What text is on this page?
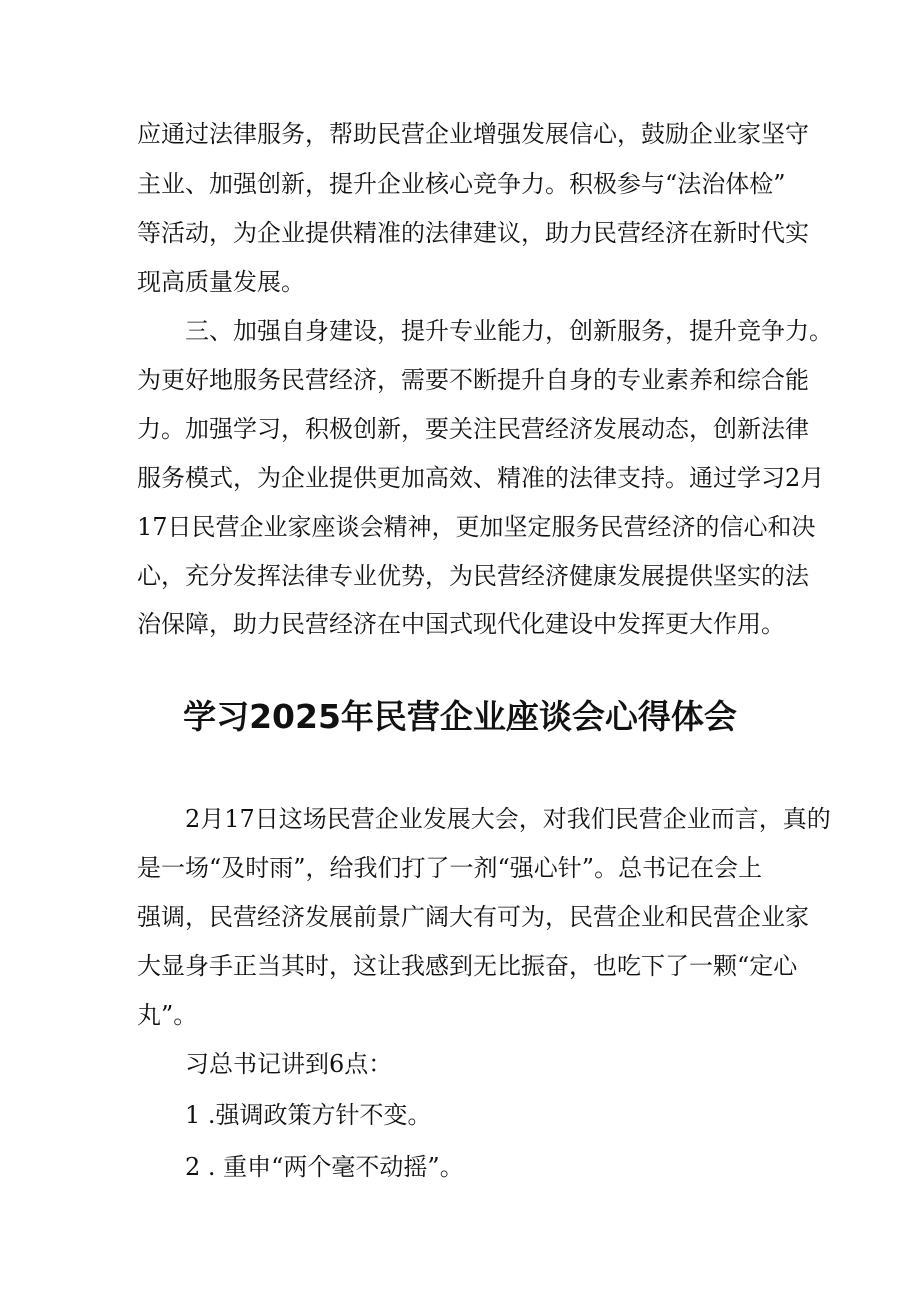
应通过法律服务，帮助民营企业增强发展信心，鼓励企业家坚守

主业、加强创新，提升企业核心竞争力。积极参与“法治体检”

等活动，为企业提供精准的法律建议，助力民营经济在新时代实

现高质量发展。

三、加强自身建设，提升专业能力，创新服务，提升竞争力。

为更好地服务民营经济，需要不断提升自身的专业素养和综合能

力。加强学习，积极创新，要关注民营经济发展动态，创新法律

服务模式，为企业提供更加高效、精准的法律支持。通过学习2月

17日民营企业家座谈会精神，更加坚定服务民营经济的信心和决

心，充分发挥法律专业优势，为民营经济健康发展提供坚实的法

治保障，助力民营经济在中国式现代化建设中发挥更大作用。

学习2025年民营企业座谈会心得体会

2月17日这场民营企业发展大会，对我们民营企业而言，真的

是一场“及时雨”，给我们打了一剂“强心针”。总书记在会上

强调，民营经济发展前景广阔大有可为，民营企业和民营企业家

大显身手正当其时，这让我感到无比振奋，也吃下了一颗“定心

丸”。

习总书记讲到6点：

1 .强调政策方针不变。

2 . 重申“两个毫不动摇”。
